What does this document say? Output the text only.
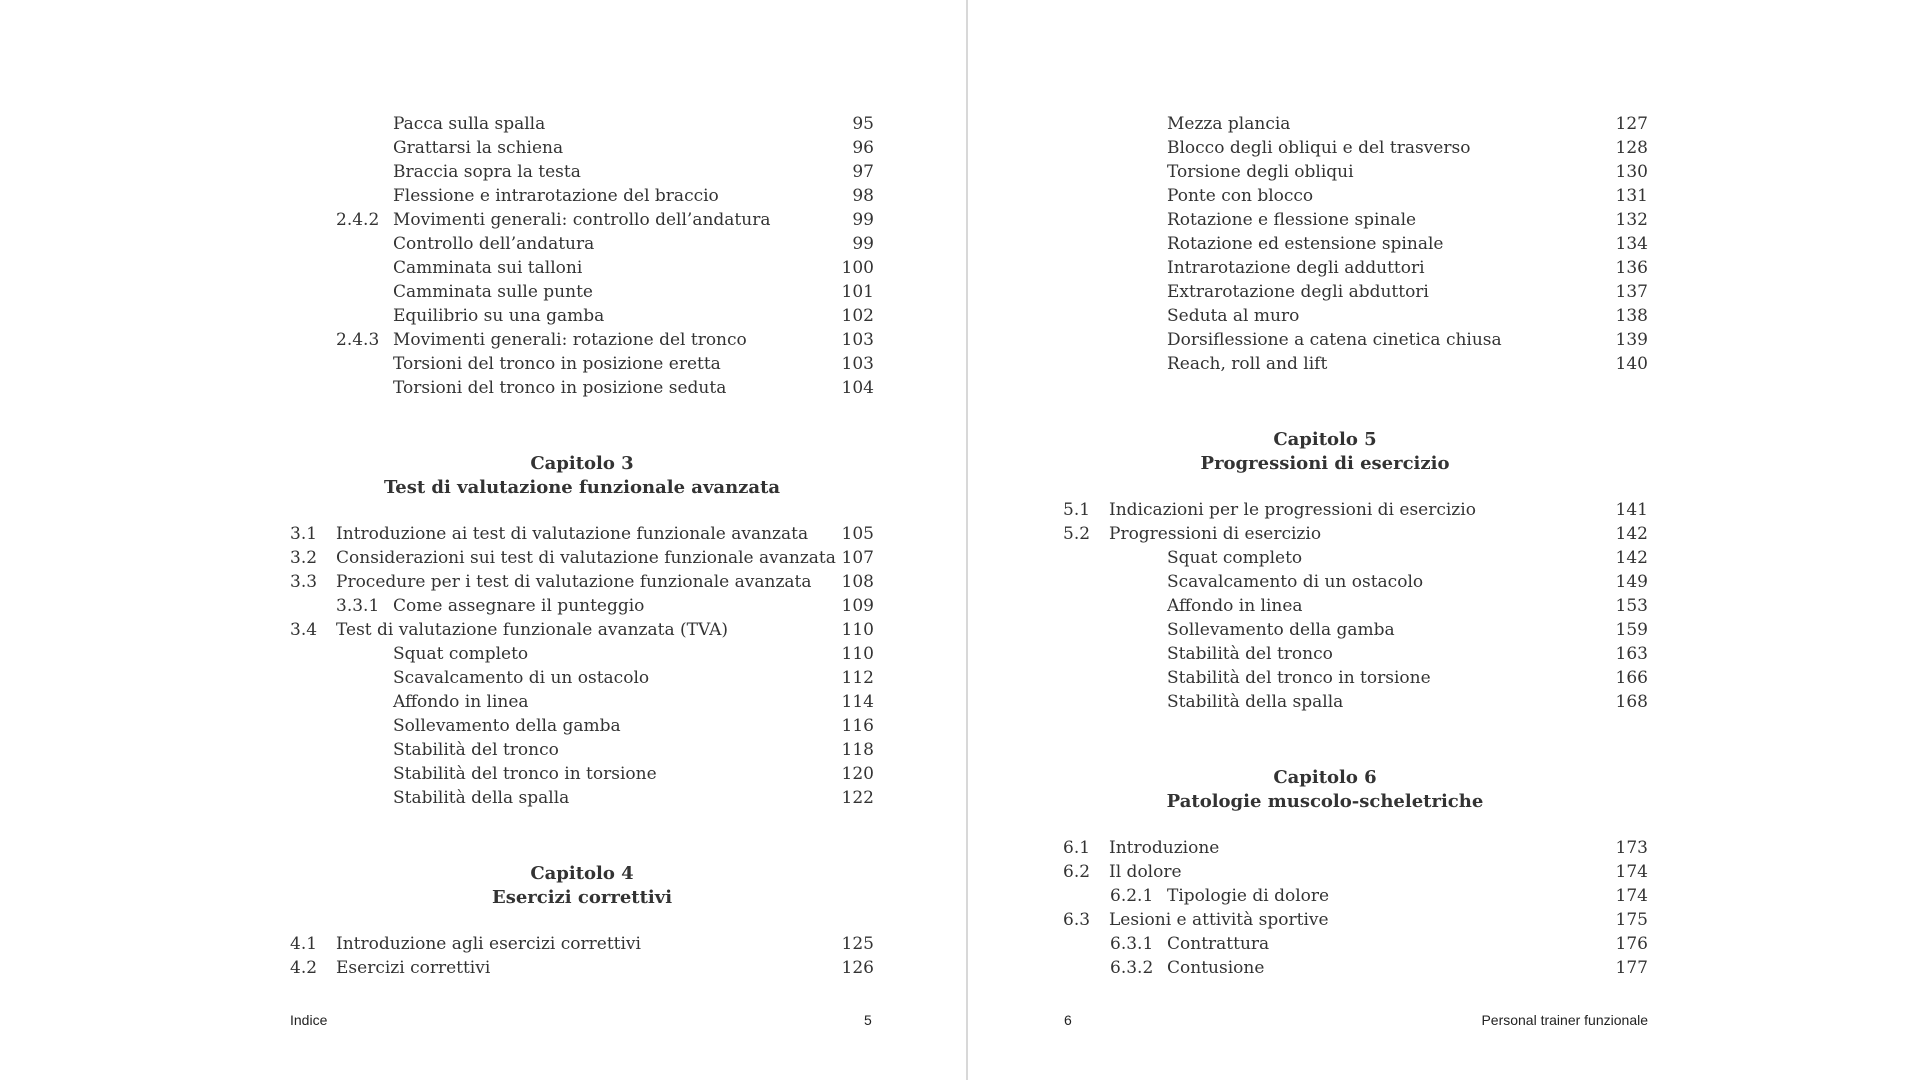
Pacca sulla spalla	95
Grattarsi la schiena	96
Braccia sopra la testa	97
Flessione e intrarotazione del braccio	98
2.4.2 Movimenti generali: controllo dell’andatura	99
Controllo dell’andatura	99
Camminata sui talloni	100
Camminata sulle punte	101
Equilibrio su una gamba	102
2.4.3 Movimenti generali: rotazione del tronco	103
Torsioni del tronco in posizione eretta	103
Torsioni del tronco in posizione seduta	104
3.1 Introduzione ai test di valutazione funzionale avanzata	105
3.2 Considerazioni sui test di valutazione funzionale avanzata 107
3.3 Procedure per i test di valutazione funzionale avanzata	108
3.3.1 Come assegnare il punteggio	109
3.4 Test di valutazione funzionale avanzata (TVA)	110
Squat completo	110
Scavalcamento di un ostacolo	112
Affondo in linea	114
Sollevamento della gamba	116
Stabilità del tronco	118
Stabilità del tronco in torsione	120
Stabilità della spalla	122
4.1 Introduzione agli esercizi correttivi	125
4.2 Esercizi correttivi	126
Capitolo 3
Test di valutazione funzionale avanzata
Capitolo 4
Esercizi correttivi
Indice	5
Mezza plancia	127
Blocco degli obliqui e del trasverso	128
Torsione degli obliqui	130
Ponte con blocco	131
Rotazione e flessione spinale	132
Rotazione ed estensione spinale	134
Intrarotazione degli adduttori	136
Extrarotazione degli abduttori	137
Seduta al muro	138
Dorsiflessione a catena cinetica chiusa	139
Reach, roll and lift	140
5.1 Indicazioni per le progressioni di esercizio	141
5.2 Progressioni di esercizio	142
Squat completo	142
Scavalcamento di un ostacolo	149
Affondo in linea	153
Sollevamento della gamba	159
Stabilità del tronco	163
Stabilità del tronco in torsione	166
Stabilità della spalla	168
6.1 Introduzione	173
6.2 Il dolore	174
6.2.1 Tipologie di dolore	174
6.3 Lesioni e attività sportive	175
6.3.1 Contrattura	176
6.3.2 Contusione	177
Capitolo 5
Progressioni di esercizio
Capitolo 6
Patologie muscolo-scheletriche
6	Personal trainer funzionale
